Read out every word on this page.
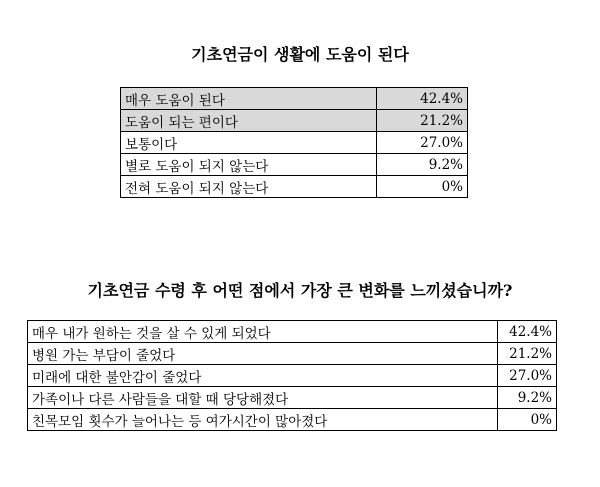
기초연금이 생활에 도움이 된다
매우 도움이 된다	42.4%
도움이 되는 편이다	21.2%
보통이다	27.0%
별로 도움이 되지 않는다	9.2%
전혀 도움이 되지 않는다	0%
기초연금 수령 후 어떤 점에서 가장 큰 변화를 느끼셨습니까?
매우 내가 원하는 것을 살 수 있게 되었다	42.4%
병원 가는 부담이 줄었다	21.2%
미래에 대한 불안감이 줄었다	27.0%
가족이나 다른 사람들을 대할 때 당당해졌다	9.2%
친목모임 횟수가 늘어나는 등 여가시간이 많아졌다	0%
